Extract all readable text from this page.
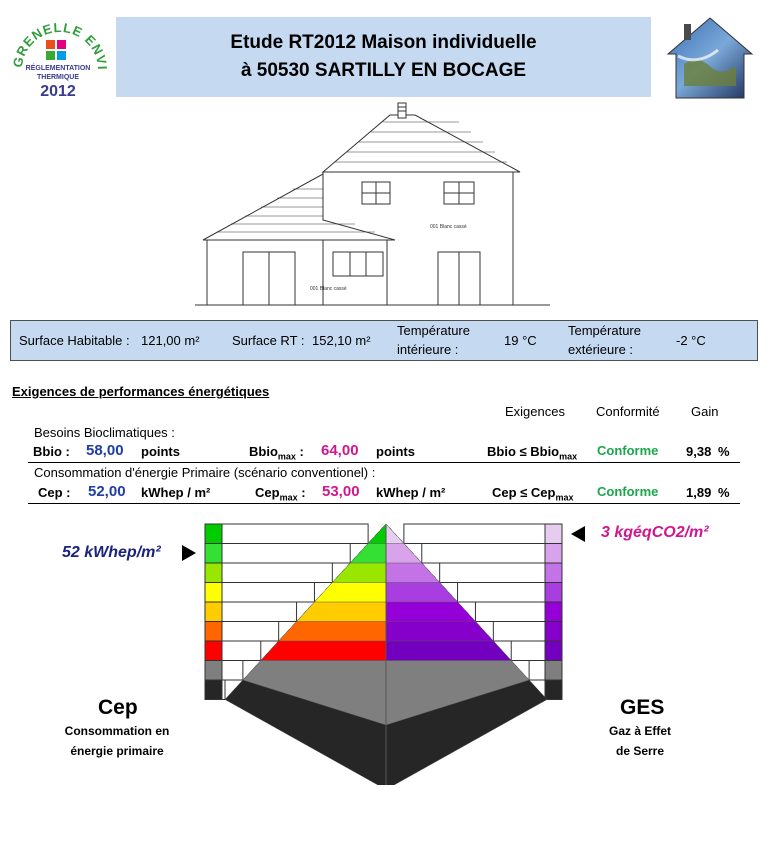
GRENELLE EN
RÉGLEMENTATION
THERMIQUE
2012
Etude RT2012 Maison individuelle
à 50530 SARTILLY EN BOCAGE
001 Blanc cassé
001 Blanc cassé
Surface Habitable : 121,00 m² Surface RT : 152,10 m²
Température
intérieure :
19 °C
Température
extérieure :
-2 °C
Exigences de performances énergétiques
Exigences Conformité Gain
Besoins Bioclimatiques :
Bbio : 58,00 points	Bbio$_{max}$ : 64,00 points	Bbio ≤ Bbio$_{max}$ Conforme 9,38 %
Consommation d'énergie Primaire (scénario conventionel) :
Cep : 52,00 kWhep / m²	Cep$_{max}$ : 53,00 kWhep / m²	Cep ≤ Cep$_{max}$ Conforme 1,89 %
52 kWhep/m²
3 kgéqCO2/m²
Cep
Consommation en
énergie primaire
GES
Gaz à Effet
de Serre
